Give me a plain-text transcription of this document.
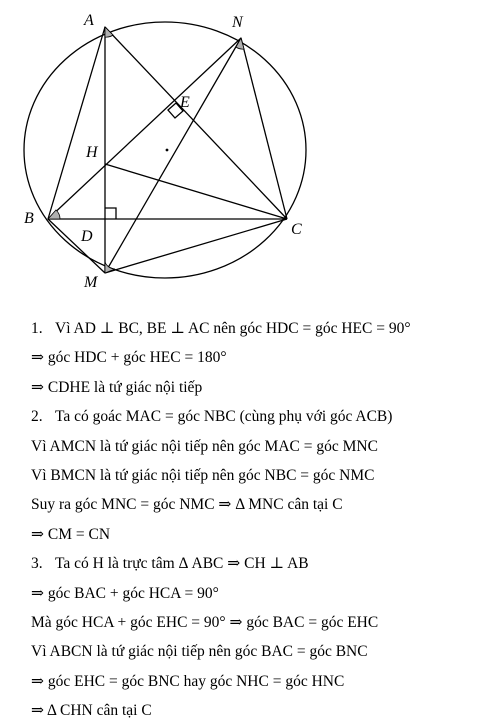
A	N
E
H
B
D	C
M
1. Vì AD ⊥ BC, BE ⊥ AC nên góc HDC = góc HEC = 90°
⇒ góc HDC + góc HEC = 180°
⇒ CDHE là tứ giác nội tiếp
2. Ta có goác MAC = góc NBC (cùng phụ với góc ACB)
Vì AMCN là tứ giác nội tiếp nên góc MAC = góc MNC
Vì BMCN là tứ giác nội tiếp nên góc NBC = góc NMC
Suy ra góc MNC = góc NMC ⇒ Δ MNC cân tại C
⇒ CM = CN
3. Ta có H là trực tâm Δ ABC ⇒ CH ⊥ AB
⇒ góc BAC + góc HCA = 90°
Mà góc HCA + góc EHC = 90° ⇒ góc BAC = góc EHC
Vì ABCN là tứ giác nội tiếp nên góc BAC = góc BNC
⇒ góc EHC = góc BNC hay góc NHC = góc HNC
⇒ Δ CHN cân tại C
